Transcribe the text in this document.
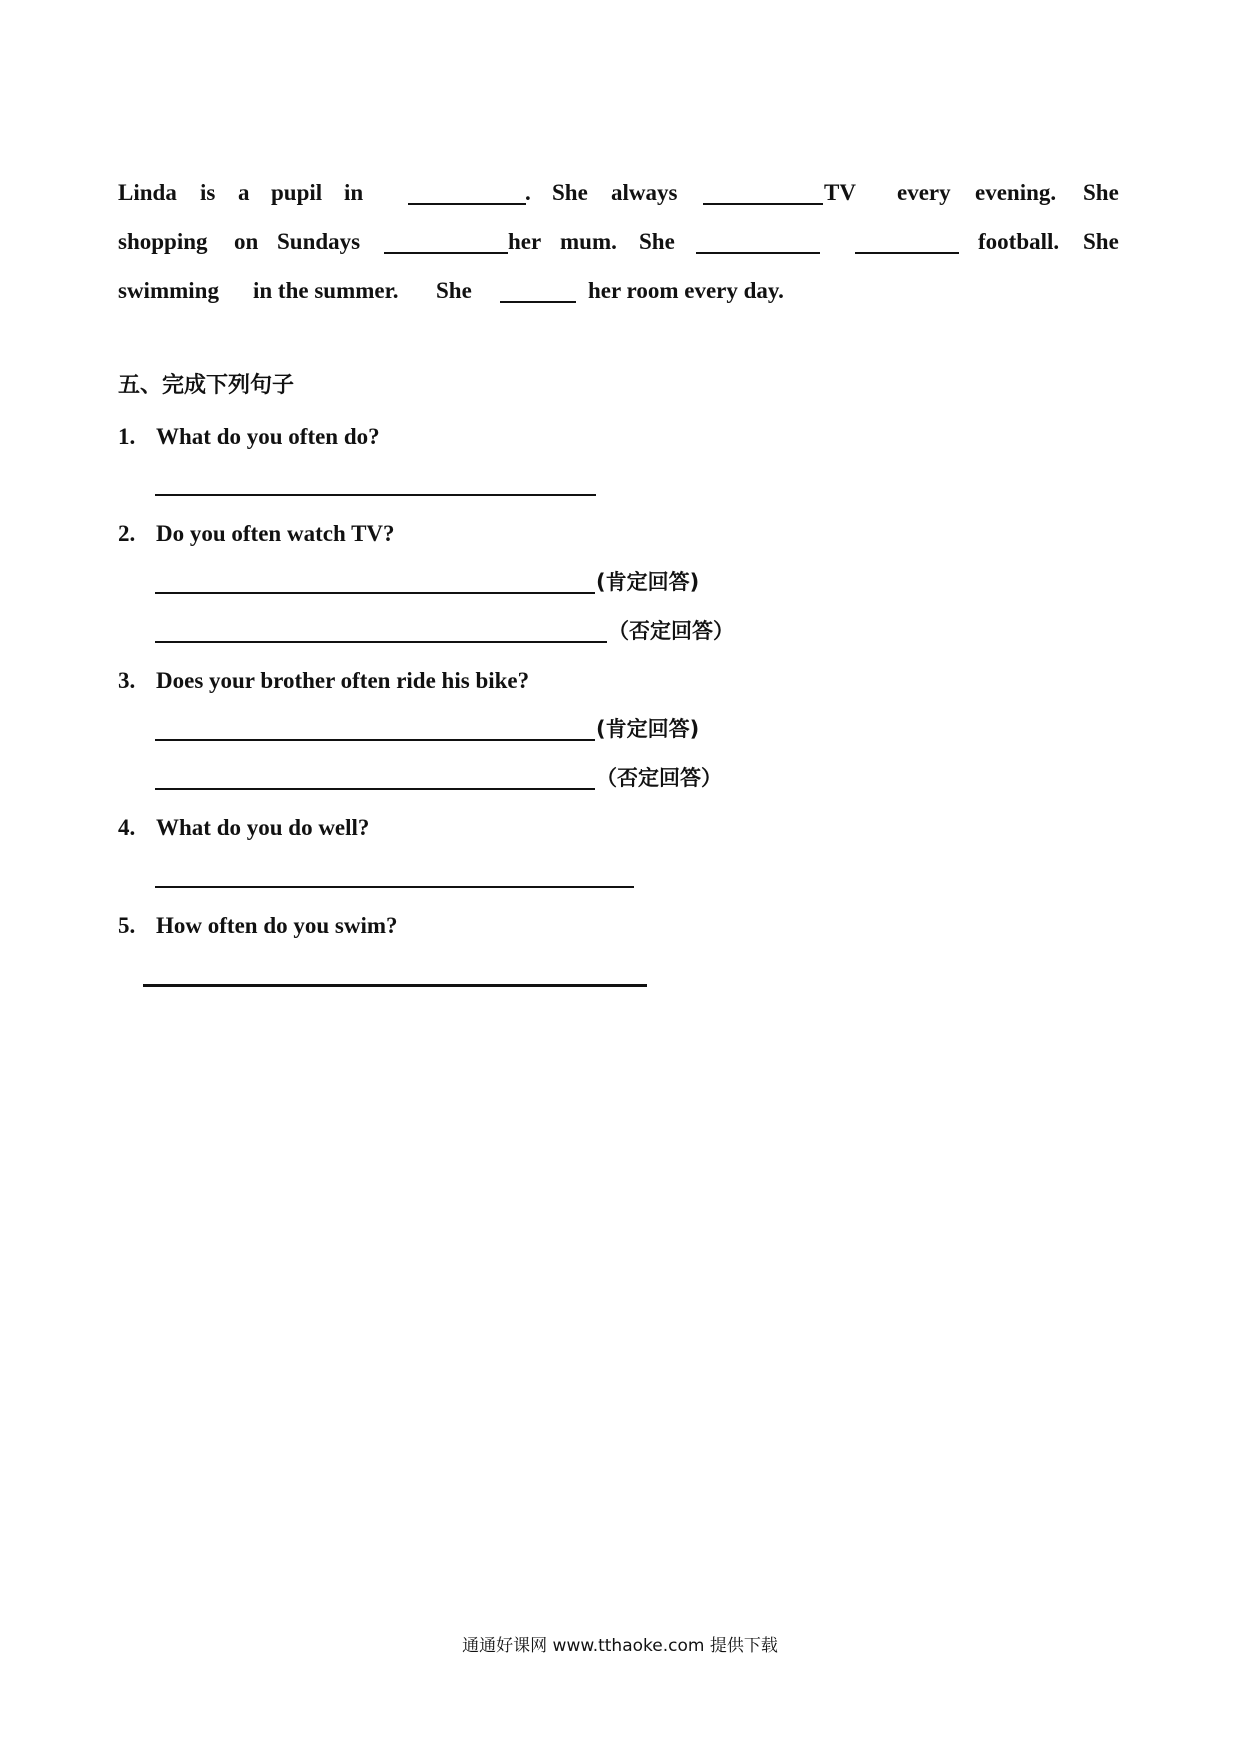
Linda is a pupil in	. She always	TV every evening. She
shopping on Sundays	her mum. She	football. She
swimming in the summer. She	her room every day.
五、完成下列句子
1. What do you often do?
2. Do you often watch TV?
(肯定回答)
（否定回答）
3. Does your brother often ride his bike?
(肯定回答)
（否定回答）
4. What do you do well?
5. How often do you swim?
通通好课网 www.tthaoke.com 提供下载
